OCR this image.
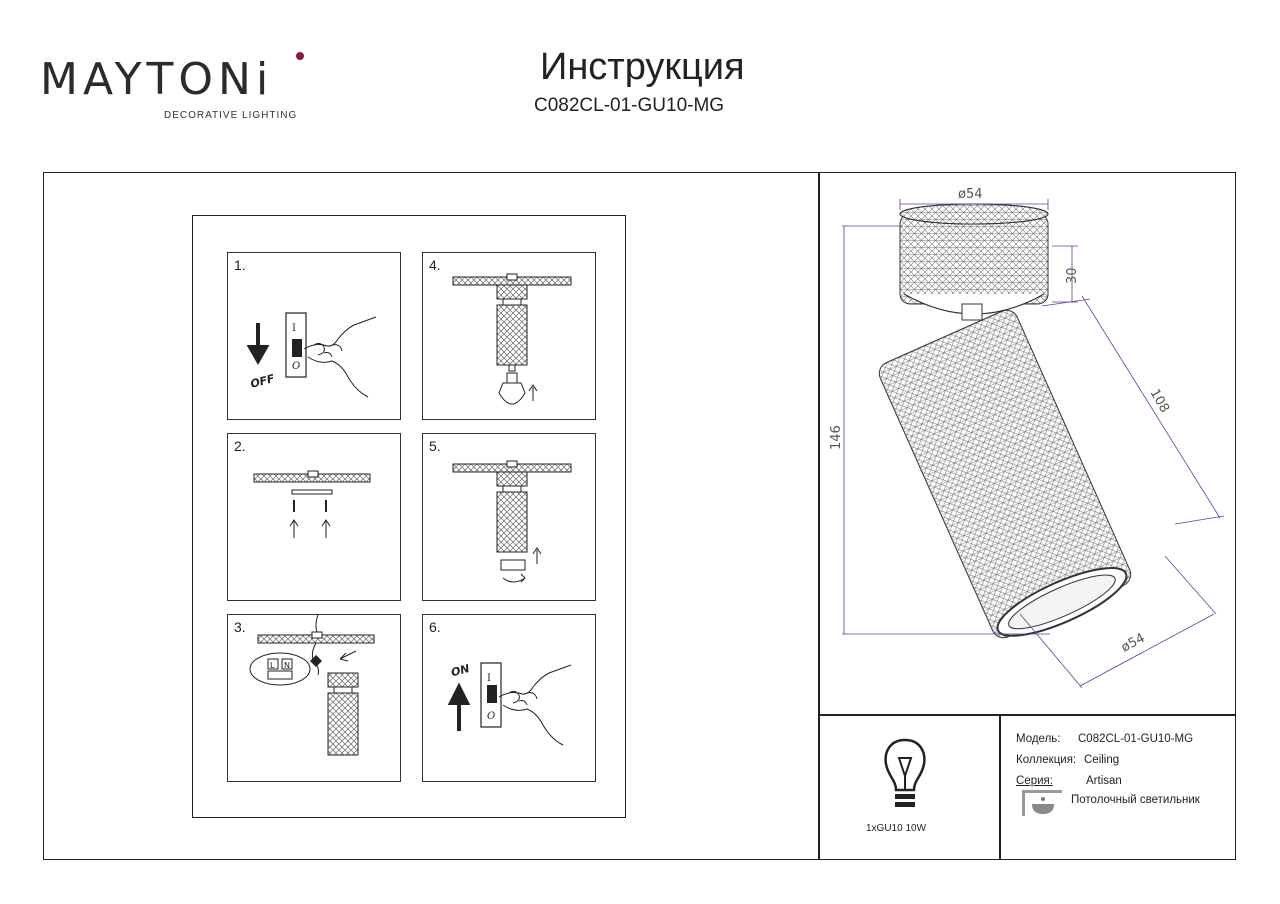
MAYTONi
DECORATIVE LIGHTING
Инструкция
C082CL-01-GU10-MG
1.
OFF
I
O
4.
2.	5.
3.
L N
6.
ON I
O
ø54
30
108
146
ø54
1xGU10 10W
Модель: C082CL-01-GU10-MG
Коллекция: Ceiling
Серия:	Artisan
Потолочный светильник
